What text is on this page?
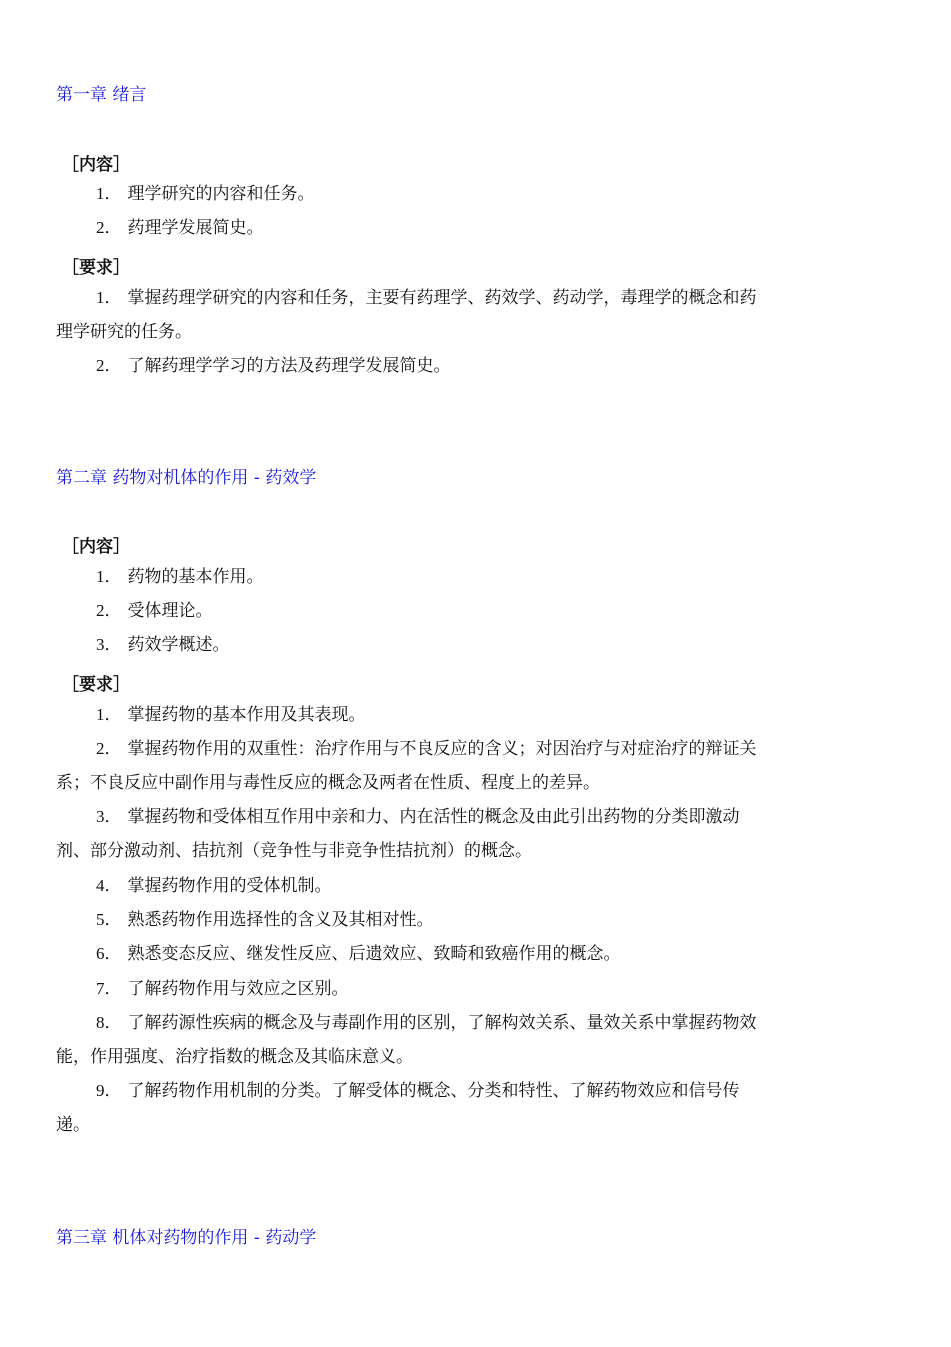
第一章 绪言
［内容］
1． 理学研究的内容和任务。
2． 药理学发展简史。
［要求］
1． 掌握药理学研究的内容和任务，主要有药理学、药效学、药动学，毒理学的概念和药
理学研究的任务。
2． 了解药理学学习的方法及药理学发展简史。
第二章 药物对机体的作用 - 药效学
［内容］
1． 药物的基本作用。
2． 受体理论。
3． 药效学概述。
［要求］
1． 掌握药物的基本作用及其表现。
2． 掌握药物作用的双重性：治疗作用与不良反应的含义；对因治疗与对症治疗的辩证关
系；不良反应中副作用与毒性反应的概念及两者在性质、程度上的差异。
3． 掌握药物和受体相互作用中亲和力、内在活性的概念及由此引出药物的分类即激动
剂、部分激动剂、拮抗剂（竞争性与非竞争性拮抗剂）的概念。
4． 掌握药物作用的受体机制。
5． 熟悉药物作用选择性的含义及其相对性。
6． 熟悉变态反应、继发性反应、后遗效应、致畸和致癌作用的概念。
7． 了解药物作用与效应之区别。
8． 了解药源性疾病的概念及与毒副作用的区别，了解构效关系、量效关系中掌握药物效
能，作用强度、治疗指数的概念及其临床意义。
9． 了解药物作用机制的分类。了解受体的概念、分类和特性、了解药物效应和信号传
递。
第三章 机体对药物的作用 - 药动学
